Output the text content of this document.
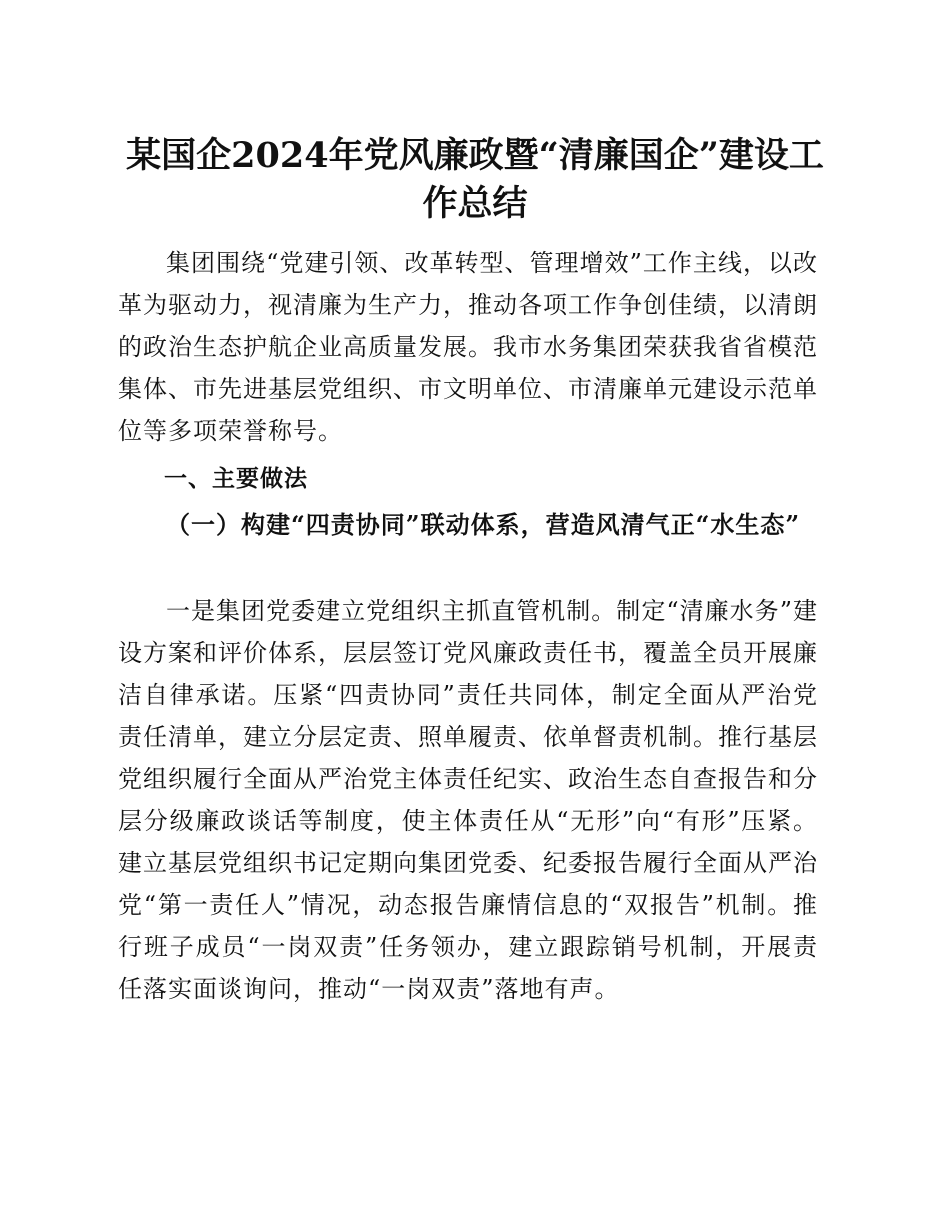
某国企2024年党风廉政暨“清廉国企”建设工作总结

集团围绕“党建引领、改革转型、管理增效”工作主线，以改革为驱动力，视清廉为生产力，推动各项工作争创佳绩，以清朗的政治生态护航企业高质量发展。我市水务集团荣获我省省模范集体、市先进基层党组织、市文明单位、市清廉单元建设示范单位等多项荣誉称号。

一、主要做法
（一）构建“四责协同”联动体系，营造风清气正“水生态”

一是集团党委建立党组织主抓直管机制。制定“清廉水务”建设方案和评价体系，层层签订党风廉政责任书，覆盖全员开展廉洁自律承诺。压紧“四责协同”责任共同体，制定全面从严治党责任清单，建立分层定责、照单履责、依单督责机制。推行基层党组织履行全面从严治党主体责任纪实、政治生态自查报告和分层分级廉政谈话等制度，使主体责任从“无形”向“有形”压紧。建立基层党组织书记定期向集团党委、纪委报告履行全面从严治党“第一责任人”情况，动态报告廉情信息的“双报告”机制。推行班子成员“一岗双责”任务领办，建立跟踪销号机制，开展责任落实面谈询问，推动“一岗双责”落地有声。
